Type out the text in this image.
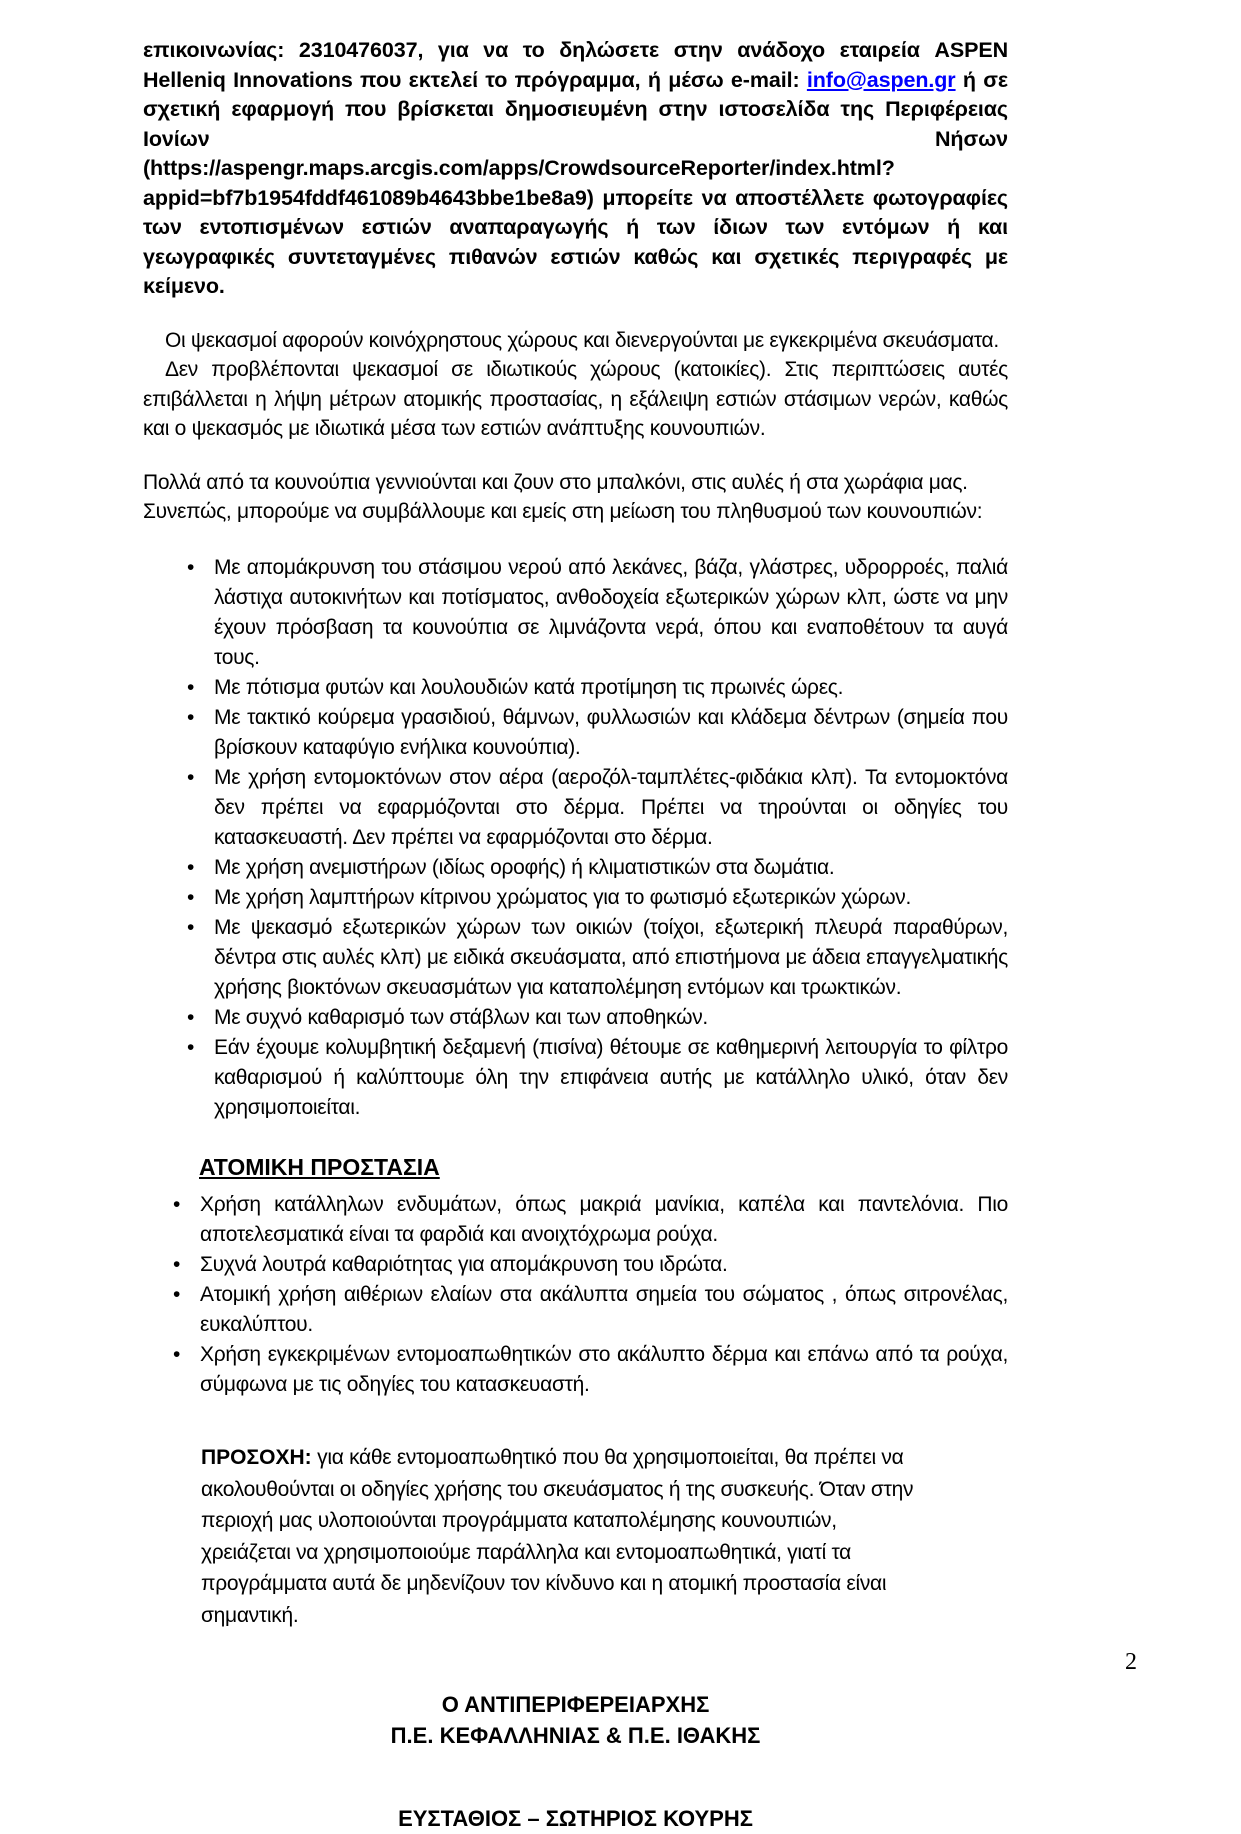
επικοινωνίας: 2310476037, για να το δηλώσετε στην ανάδοχο εταιρεία ASPEN Helleniq Innovations που εκτελεί το πρόγραμμα, ή μέσω e-mail: info@aspen.gr ή σε σχετική εφαρμογή που βρίσκεται δημοσιευμένη στην ιστοσελίδα της Περιφέρειας Ιονίων Νήσων (https://aspengr.maps.arcgis.com/apps/CrowdsourceReporter/index.html?appid=bf7b1954fddf461089b4643bbe1be8a9) μπορείτε να αποστέλλετε φωτογραφίες των εντοπισμένων εστιών αναπαραγωγής ή των ίδιων των εντόμων ή και γεωγραφικές συντεταγμένες πιθανών εστιών καθώς και σχετικές περιγραφές με κείμενο.

Οι ψεκασμοί αφορούν κοινόχρηστους χώρους και διενεργούνται με εγκεκριμένα σκευάσματα.

Δεν προβλέπονται ψεκασμοί σε ιδιωτικούς χώρους (κατοικίες). Στις περιπτώσεις αυτές επιβάλλεται η λήψη μέτρων ατομικής προστασίας, η εξάλειψη εστιών στάσιμων νερών, καθώς και ο ψεκασμός με ιδιωτικά μέσα των εστιών ανάπτυξης κουνουπιών.

Πολλά από τα κουνούπια γεννιούνται και ζουν στο μπαλκόνι, στις αυλές ή στα χωράφια μας. Συνεπώς, μπορούμε να συμβάλλουμε και εμείς στη μείωση του πληθυσμού των κουνουπιών:

• Με απομάκρυνση του στάσιμου νερού από λεκάνες, βάζα, γλάστρες, υδρορροές, παλιά λάστιχα αυτοκινήτων και ποτίσματος, ανθοδοχεία εξωτερικών χώρων κλπ, ώστε να μην έχουν πρόσβαση τα κουνούπια σε λιμνάζοντα νερά, όπου και εναποθέτουν τα αυγά τους.
• Με πότισμα φυτών και λουλουδιών κατά προτίμηση τις πρωινές ώρες.
• Με τακτικό κούρεμα γρασιδιού, θάμνων, φυλλωσιών και κλάδεμα δέντρων (σημεία που βρίσκουν καταφύγιο ενήλικα κουνούπια).
• Με χρήση εντομοκτόνων στον αέρα (αεροζόλ-ταμπλέτες-φιδάκια κλπ). Τα εντομοκτόνα δεν πρέπει να εφαρμόζονται στο δέρμα. Πρέπει να τηρούνται οι οδηγίες του κατασκευαστή. Δεν πρέπει να εφαρμόζονται στο δέρμα.
• Με χρήση ανεμιστήρων (ιδίως οροφής) ή κλιματιστικών στα δωμάτια.
• Με χρήση λαμπτήρων κίτρινου χρώματος για το φωτισμό εξωτερικών χώρων.
• Με ψεκασμό εξωτερικών χώρων των οικιών (τοίχοι, εξωτερική πλευρά παραθύρων, δέντρα στις αυλές κλπ) με ειδικά σκευάσματα, από επιστήμονα με άδεια επαγγελματικής χρήσης βιοκτόνων σκευασμάτων για καταπολέμηση εντόμων και τρωκτικών.
• Με συχνό καθαρισμό των στάβλων και των αποθηκών.
• Εάν έχουμε κολυμβητική δεξαμενή (πισίνα) θέτουμε σε καθημερινή λειτουργία το φίλτρο καθαρισμού ή καλύπτουμε όλη την επιφάνεια αυτής με κατάλληλο υλικό, όταν δεν χρησιμοποιείται.
ΑΤΟΜΙΚΗ ΠΡΟΣΤΑΣΙΑ
• Χρήση κατάλληλων ενδυμάτων, όπως μακριά μανίκια, καπέλα και παντελόνια. Πιο αποτελεσματικά είναι τα φαρδιά και ανοιχτόχρωμα ρούχα.
• Συχνά λουτρά καθαριότητας για απομάκρυνση του ιδρώτα.
• Ατομική χρήση αιθέριων ελαίων στα ακάλυπτα σημεία του σώματος , όπως σιτρονέλας, ευκαλύπτου.
• Χρήση εγκεκριμένων εντομοαπωθητικών στο ακάλυπτο δέρμα και επάνω από τα ρούχα, σύμφωνα με τις οδηγίες του κατασκευαστή.

ΠΡΟΣΟΧΗ: για κάθε εντομοαπωθητικό που θα χρησιμοποιείται, θα πρέπει να ακολουθούνται οι οδηγίες χρήσης του σκευάσματος ή της συσκευής. Όταν στην περιοχή μας υλοποιούνται προγράμματα καταπολέμησης κουνουπιών, χρειάζεται να χρησιμοποιούμε παράλληλα και εντομοαπωθητικά, γιατί τα προγράμματα αυτά δε μηδενίζουν τον κίνδυνο και η ατομική προστασία είναι σημαντική.

Ο ΑΝΤΙΠΕΡΙΦΕΡΕΙΑΡΧΗΣ
Π.Ε. ΚΕΦΑΛΛΗΝΙΑΣ & Π.Ε. ΙΘΑΚΗΣ
ΕΥΣΤΑΘΙΟΣ – ΣΩΤΗΡΙΟΣ ΚΟΥΡΗΣ
2
